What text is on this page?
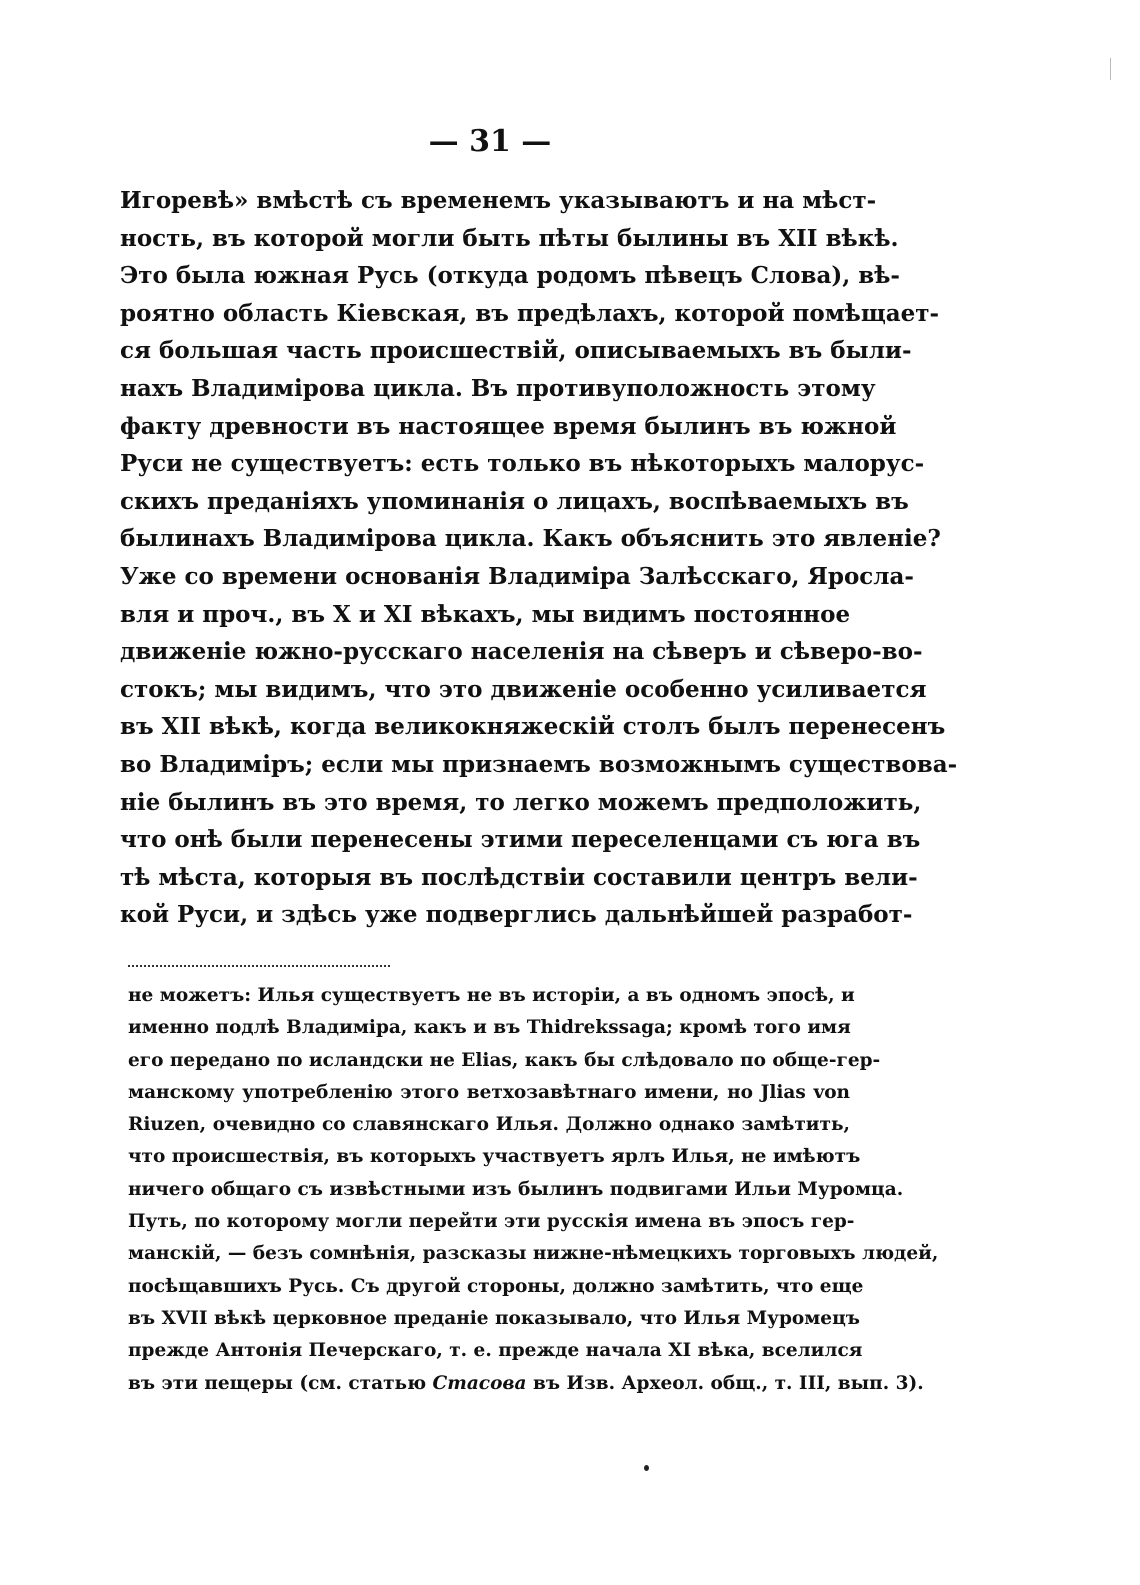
— 31 —
Игоревѣ» вмѣстѣ съ временемъ указываютъ и на мѣст-
ность, въ которой могли быть пѣты былины въ XII вѣкѣ.
Это была южная Русь (откуда родомъ пѣвецъ Слова), вѣ-
роятно область Кіевская, въ предѣлахъ, которой помѣщает-
ся большая часть происшествій, описываемыхъ въ были-
нахъ Владимірова цикла. Въ противуположность этому
факту древности въ настоящее время былинъ въ южной
Руси не существуетъ: есть только въ нѣкоторыхъ малорус-
скихъ преданіяхъ упоминанія о лицахъ, воспѣваемыхъ въ
былинахъ Владимірова цикла. Какъ объяснить это явленіе?
Уже со времени основанія Владиміра Залѣсскаго, Яросла-
вля и проч., въ X и XI вѣкахъ, мы видимъ постоянное
движеніе южно-русскаго населенія на сѣверъ и сѣверо-во-
стокъ; мы видимъ, что это движеніе особенно усиливается
въ XII вѣкѣ, когда великокняжескій столъ былъ перенесенъ
во Владиміръ; если мы признаемъ возможнымъ существова-
ніе былинъ въ это время, то легко можемъ предположить,
что онѣ были перенесены этими переселенцами съ юга въ
тѣ мѣста, которыя въ послѣдствіи составили центръ вели-
кой Руси, и здѣсь уже подверглись дальнѣйшей разработ-
не можетъ: Илья существуетъ не въ исторіи, а въ одномъ эпосѣ, и
именно подлѣ Владиміра, какъ и въ Thidrekssaga; кромѣ того имя
его передано по исландски не Elias, какъ бы слѣдовало по обще-гер-
манскому употребленію этого ветхозавѣтнаго имени, но Jlias von
Riuzen, очевидно со славянскаго Илья. Должно однако замѣтить,
что происшествія, въ которыхъ участвуетъ ярлъ Илья, не имѣютъ
ничего общаго съ извѣстными изъ былинъ подвигами Ильи Муромца.
Путь, по которому могли перейти эти русскія имена въ эпосъ гер-
манскій, — безъ сомнѣнія, разсказы нижне-нѣмецкихъ торговыхъ людей,
посѣщавшихъ Русь. Съ другой стороны, должно замѣтить, что еще
въ XVII вѣкѣ церковное преданіе показывало, что Илья Муромецъ
прежде Антонія Печерскаго, т. е. прежде начала XI вѣка, вселился
въ эти пещеры (см. статью Стасова въ Изв. Археол. общ., т. III, вып. 3).
